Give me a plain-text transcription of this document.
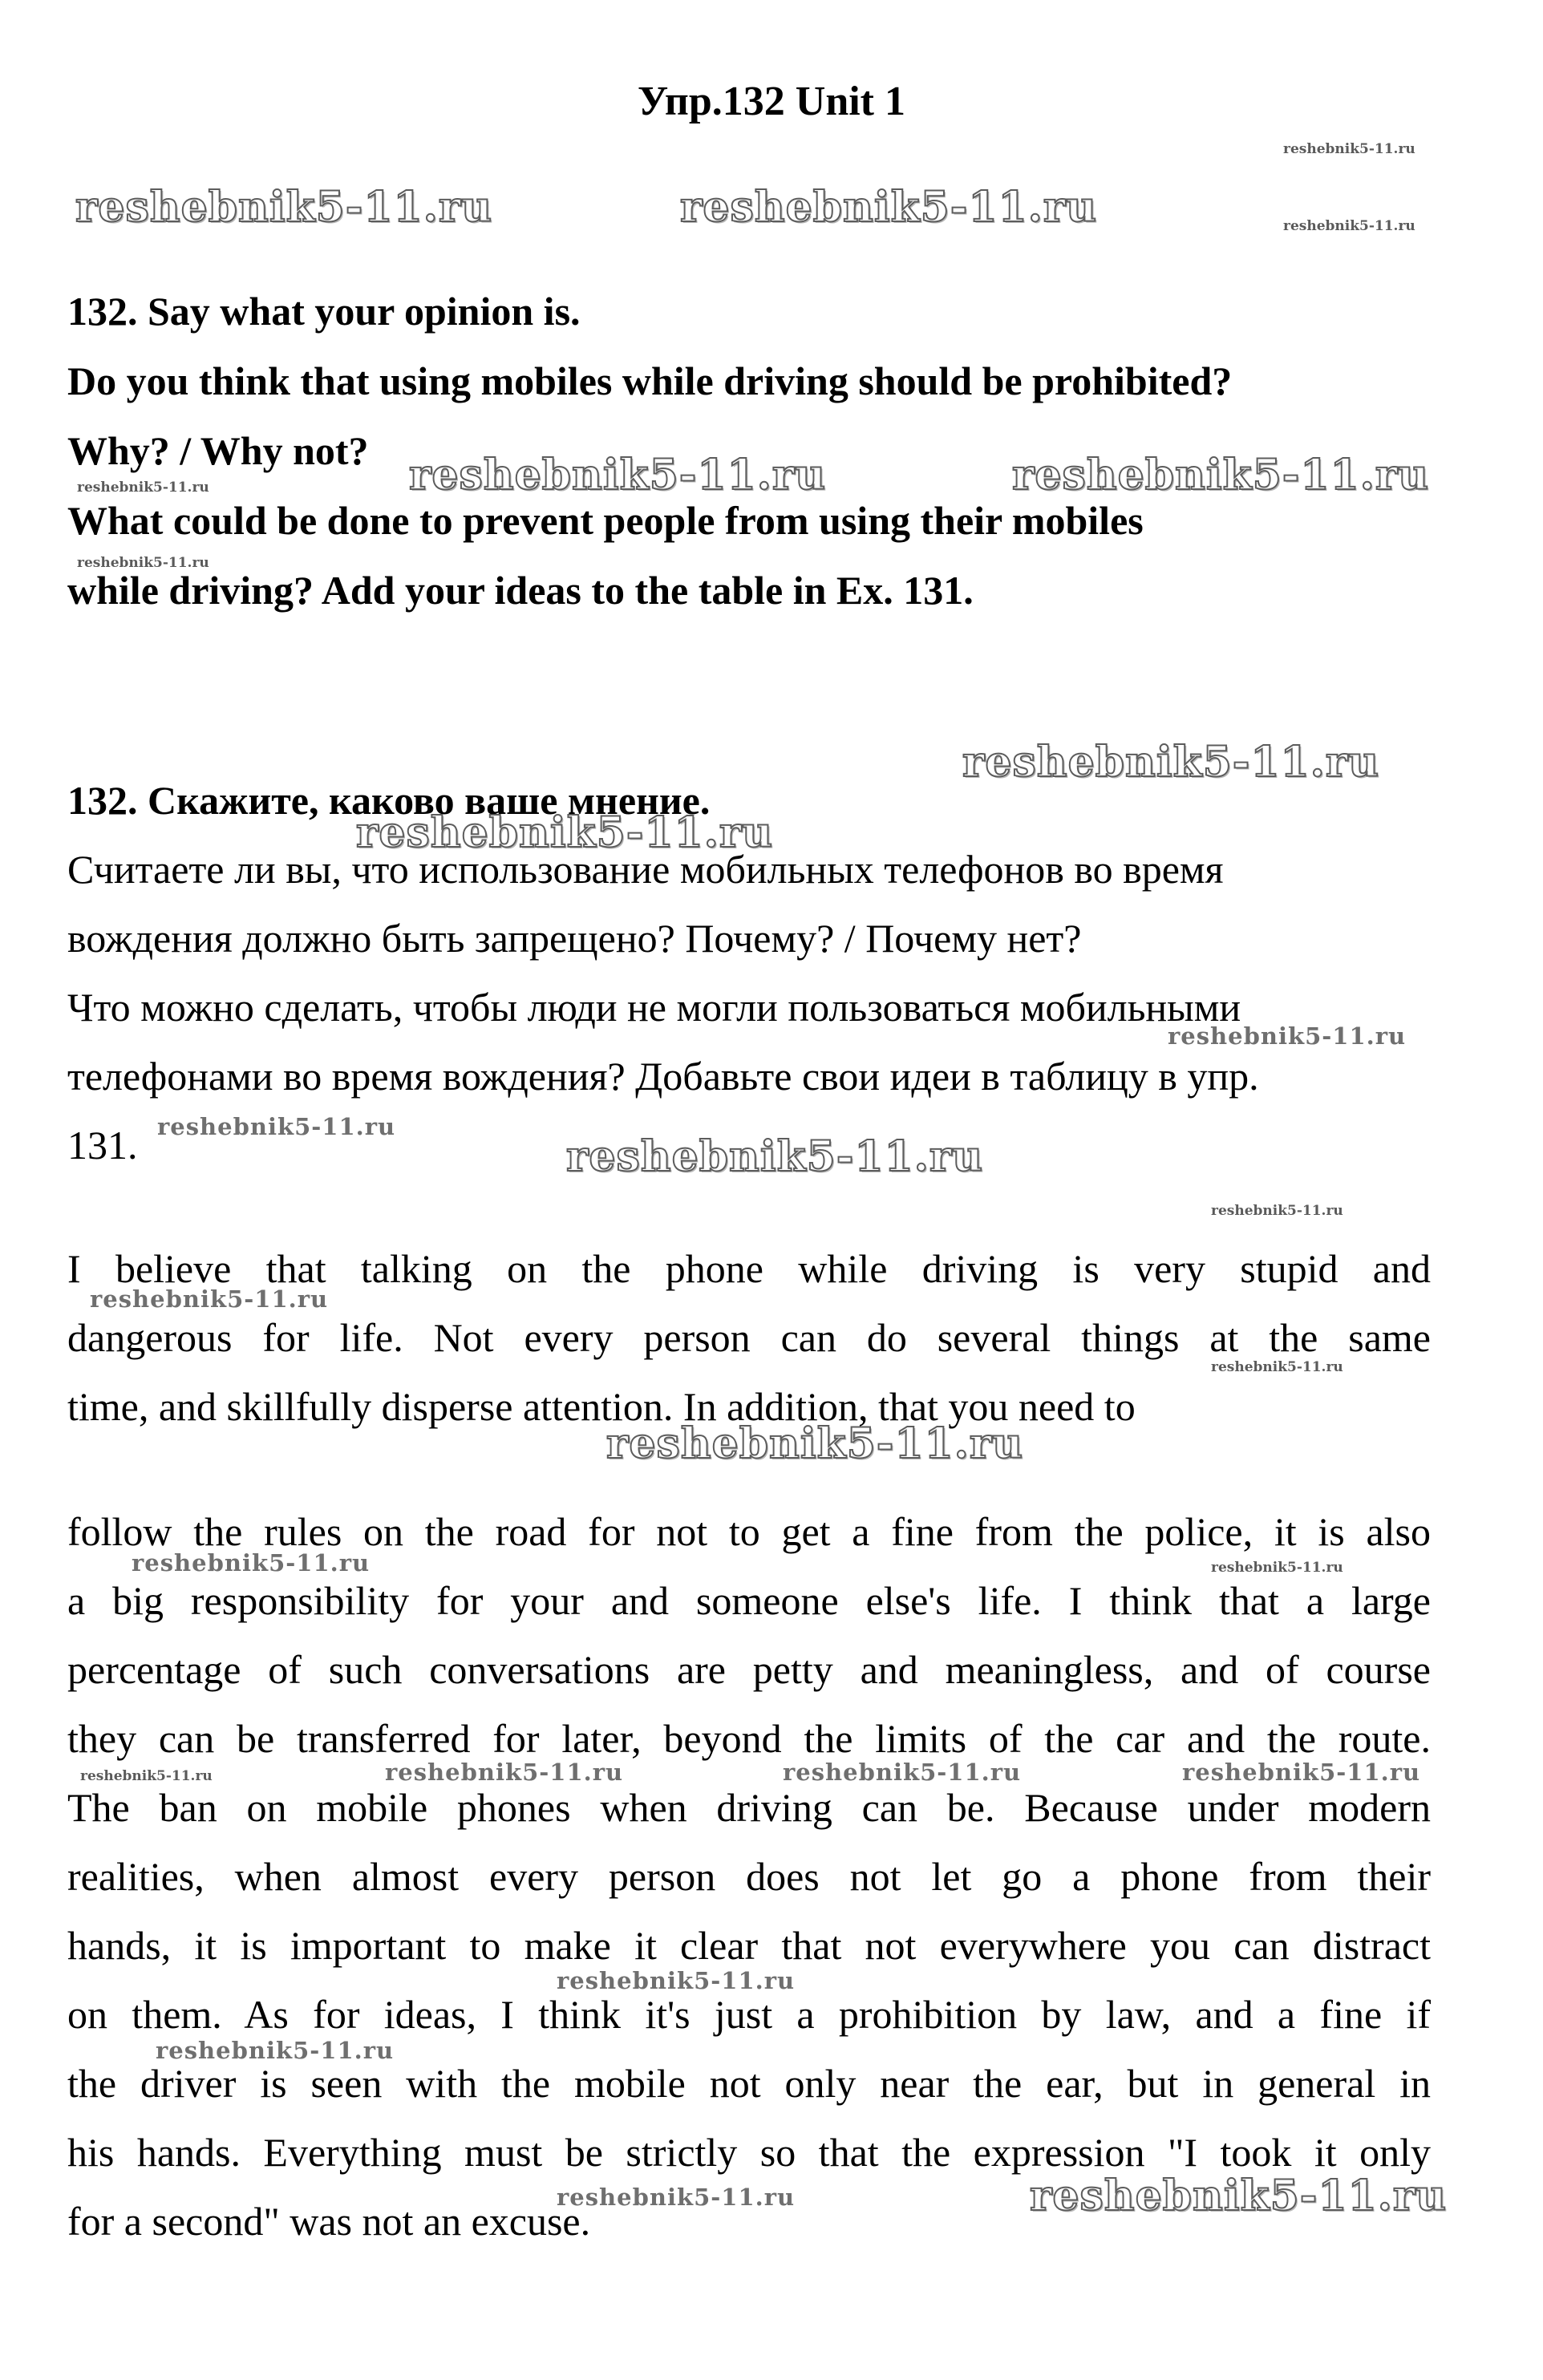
Упр.132 Unit 1
132. Say what your opinion is.
Do you think that using mobiles while driving should be prohibited?
Why? / Why not?
What could be done to prevent people from using their mobiles
while driving? Add your ideas to the table in Ex. 131.
132. Скажите, каково ваше мнение.
Считаете ли вы, что использование мобильных телефонов во время
вождения должно быть запрещено? Почему? / Почему нет?
Что можно сделать, чтобы люди не могли пользоваться мобильными
телефонами во время вождения? Добавьте свои идеи в таблицу в упр.
131.
I believe that talking on the phone while driving is very stupid and
dangerous for life. Not every person can do several things at the same
time, and skillfully disperse attention. In addition, that you need to
follow the rules on the road for not to get a fine from the police, it is also
a big responsibility for your and someone else's life. I think that a large
percentage of such conversations are petty and meaningless, and of course
they can be transferred for later, beyond the limits of the car and the route.
The ban on mobile phones when driving can be. Because under modern
realities, when almost every person does not let go a phone from their
hands, it is important to make it clear that not everywhere you can distract
on them. As for ideas, I think it's just a prohibition by law, and a fine if
the driver is seen with the mobile not only near the ear, but in general in
his hands. Everything must be strictly so that the expression "I took it only
for a second" was not an excuse.
reshebnik5-11.ru
reshebnik5-11.ru	reshebnik5-11.ru	reshebnik5-11.ru
reshebnik5-11.ru	reshebnik5-11.ru	reshebnik5-11.ru
reshebnik5-11.ru
reshebnik5-11.ru
reshebnik5-11.ru
reshebnik5-11.ru
reshebnik5-11.ru
reshebnik5-11.ru
reshebnik5-11.ru
reshebnik5-11.ru
reshebnik5-11.ru
reshebnik5-11.ru
reshebnik5-11.ru	reshebnik5-11.ru
reshebnik5-11.ru	reshebnik5-11.ru	reshebnik5-11.ru	reshebnik5-11.ru
reshebnik5-11.ru
reshebnik5-11.ru
reshebnik5-11.ru	reshebnik5-11.ru
